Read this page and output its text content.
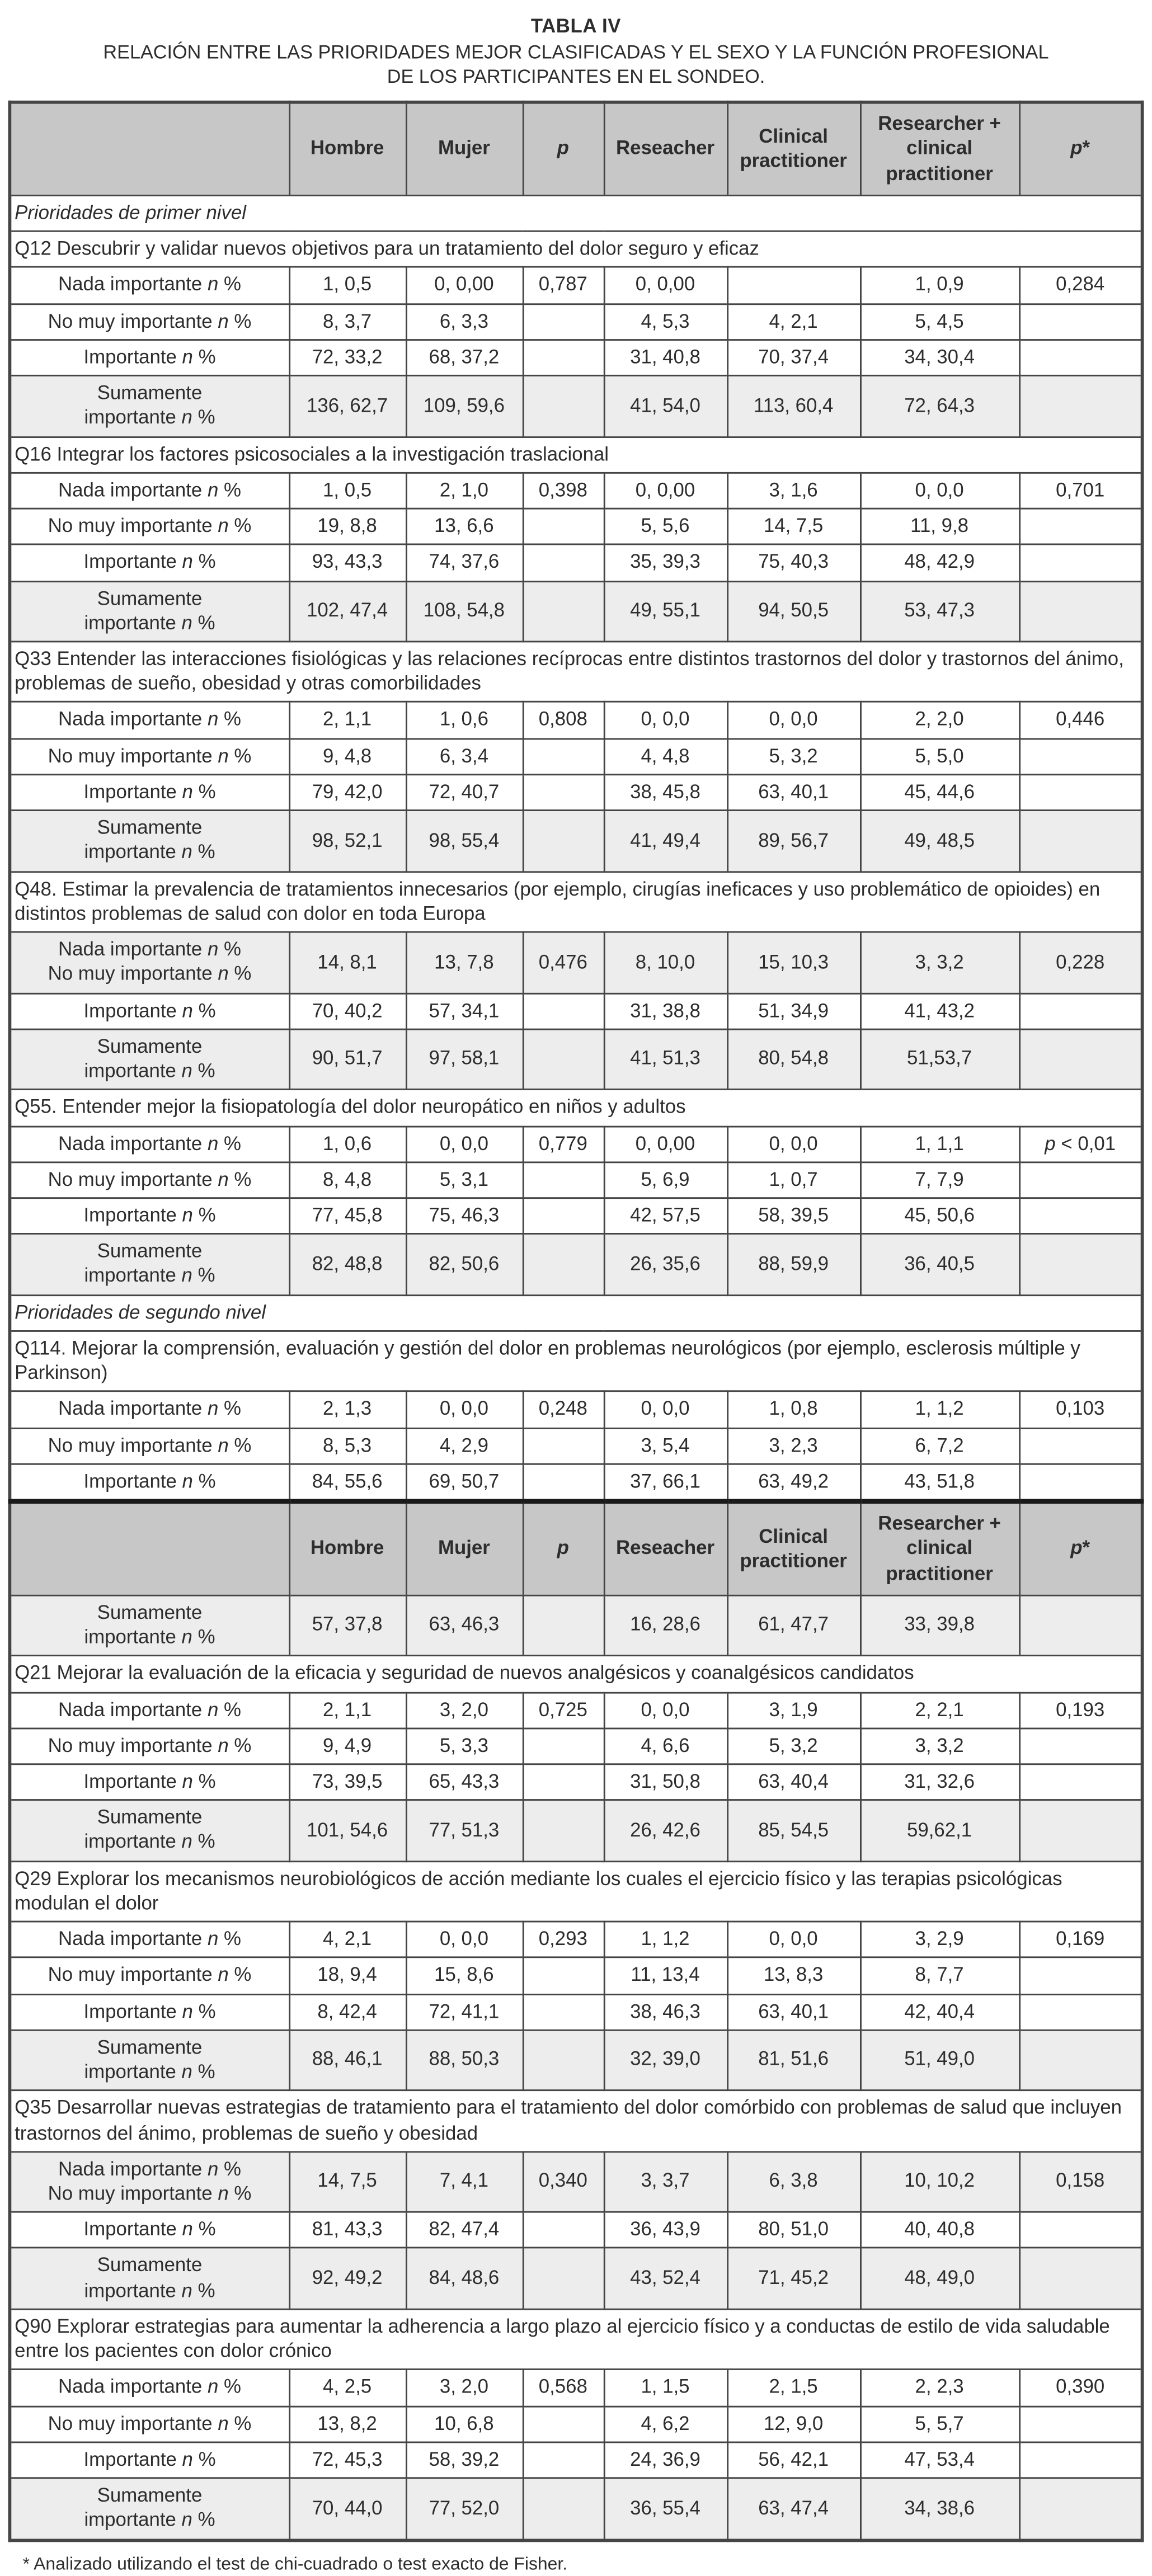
TABLA IV
RELACIÓN ENTRE LAS PRIORIDADES MEJOR CLASIFICADAS Y EL SEXO Y LA FUNCIÓN PROFESIONAL
DE LOS PARTICIPANTES EN EL SONDEO.
	Hombre	Mujer	p	Reseacher	Clinical practitioner	Researcher + clinical practitioner	p*
Prioridades de primer nivel							
Q12 Descubrir y validar nuevos objetivos para un tratamiento del dolor seguro y eficaz							
Nada importante n %	1, 0,5	0, 0,00	0,787	0, 0,00		1, 0,9	0,284
No muy importante n %	8, 3,7	6, 3,3		4, 5,3	4, 2,1	5, 4,5	
Importante n %	72, 33,2	68, 37,2		31, 40,8	70, 37,4	34, 30,4	
Sumamente
importante n %	136, 62,7	109, 59,6		41, 54,0	113, 60,4	72, 64,3	
Q16 Integrar los factores psicosociales a la investigación traslacional							
Nada importante n %	1, 0,5	2, 1,0	0,398	0, 0,00	3, 1,6	0, 0,0	0,701
No muy importante n %	19, 8,8	13, 6,6		5, 5,6	14, 7,5	11, 9,8	
Importante n %	93, 43,3	74, 37,6		35, 39,3	75, 40,3	48, 42,9	
Sumamente
importante n %	102, 47,4	108, 54,8		49, 55,1	94, 50,5	53, 47,3	
Q33 Entender las interacciones fisiológicas y las relaciones recíprocas entre distintos trastornos del dolor y trastornos del ánimo, problemas de sueño, obesidad y otras comorbilidades							
Nada importante n %	2, 1,1	1, 0,6	0,808	0, 0,0	0, 0,0	2, 2,0	0,446
No muy importante n %	9, 4,8	6, 3,4		4, 4,8	5, 3,2	5, 5,0	
Importante n %	79, 42,0	72, 40,7		38, 45,8	63, 40,1	45, 44,6	
Sumamente
importante n %	98, 52,1	98, 55,4		41, 49,4	89, 56,7	49, 48,5	
Q48. Estimar la prevalencia de tratamientos innecesarios (por ejemplo, cirugías ineficaces y uso problemático de opioides) en distintos problemas de salud con dolor en toda Europa							
Nada importante n %
No muy importante n %	14, 8,1	13, 7,8	0,476	8, 10,0	15, 10,3	3, 3,2	0,228
Importante n %	70, 40,2	57, 34,1		31, 38,8	51, 34,9	41, 43,2	
Sumamente
importante n %	90, 51,7	97, 58,1		41, 51,3	80, 54,8	51,53,7	
Q55. Entender mejor la fisiopatología del dolor neuropático en niños y adultos							
Nada importante n %	1, 0,6	0, 0,0	0,779	0, 0,00	0, 0,0	1, 1,1	p < 0,01
No muy importante n %	8, 4,8	5, 3,1		5, 6,9	1, 0,7	7, 7,9	
Importante n %	77, 45,8	75, 46,3		42, 57,5	58, 39,5	45, 50,6	
Sumamente
importante n %	82, 48,8	82, 50,6		26, 35,6	88, 59,9	36, 40,5	
Prioridades de segundo nivel							
Q114. Mejorar la comprensión, evaluación y gestión del dolor en problemas neurológicos (por ejemplo, esclerosis múltiple y Parkinson)							
Nada importante n %	2, 1,3	0, 0,0	0,248	0, 0,0	1, 0,8	1, 1,2	0,103
No muy importante n %	8, 5,3	4, 2,9		3, 5,4	3, 2,3	6, 7,2	
Importante n %	84, 55,6	69, 50,7		37, 66,1	63, 49,2	43, 51,8	
	Hombre	Mujer	p	Reseacher	Clinical practitioner	Researcher + clinical practitioner	p*
Sumamente
importante n %	57, 37,8	63, 46,3		16, 28,6	61, 47,7	33, 39,8	
Q21 Mejorar la evaluación de la eficacia y seguridad de nuevos analgésicos y coanalgésicos candidatos							
Nada importante n %	2, 1,1	3, 2,0	0,725	0, 0,0	3, 1,9	2, 2,1	0,193
No muy importante n %	9, 4,9	5, 3,3		4, 6,6	5, 3,2	3, 3,2	
Importante n %	73, 39,5	65, 43,3		31, 50,8	63, 40,4	31, 32,6	
Sumamente
importante n %	101, 54,6	77, 51,3		26, 42,6	85, 54,5	59,62,1	
Q29 Explorar los mecanismos neurobiológicos de acción mediante los cuales el ejercicio físico y las terapias psicológicas modulan el dolor							
Nada importante n %	4, 2,1	0, 0,0	0,293	1, 1,2	0, 0,0	3, 2,9	0,169
No muy importante n %	18, 9,4	15, 8,6		11, 13,4	13, 8,3	8, 7,7	
Importante n %	8, 42,4	72, 41,1		38, 46,3	63, 40,1	42, 40,4	
Sumamente
importante n %	88, 46,1	88, 50,3		32, 39,0	81, 51,6	51, 49,0	
Q35 Desarrollar nuevas estrategias de tratamiento para el tratamiento del dolor comórbido con problemas de salud que incluyen trastornos del ánimo, problemas de sueño y obesidad							
Nada importante n %
No muy importante n %	14, 7,5	7, 4,1	0,340	3, 3,7	6, 3,8	10, 10,2	0,158
Importante n %	81, 43,3	82, 47,4		36, 43,9	80, 51,0	40, 40,8	
Sumamente
importante n %	92, 49,2	84, 48,6		43, 52,4	71, 45,2	48, 49,0	
Q90 Explorar estrategias para aumentar la adherencia a largo plazo al ejercicio físico y a conductas de estilo de vida saludable entre los pacientes con dolor crónico							
Nada importante n %	4, 2,5	3, 2,0	0,568	1, 1,5	2, 1,5	2, 2,3	0,390
No muy importante n %	13, 8,2	10, 6,8		4, 6,2	12, 9,0	5, 5,7	
Importante n %	72, 45,3	58, 39,2		24, 36,9	56, 42,1	47, 53,4	
Sumamente
importante n %	70, 44,0	77, 52,0		36, 55,4	63, 47,4	34, 38,6	
* Analizado utilizando el test de chi-cuadrado o test exacto de Fisher.
